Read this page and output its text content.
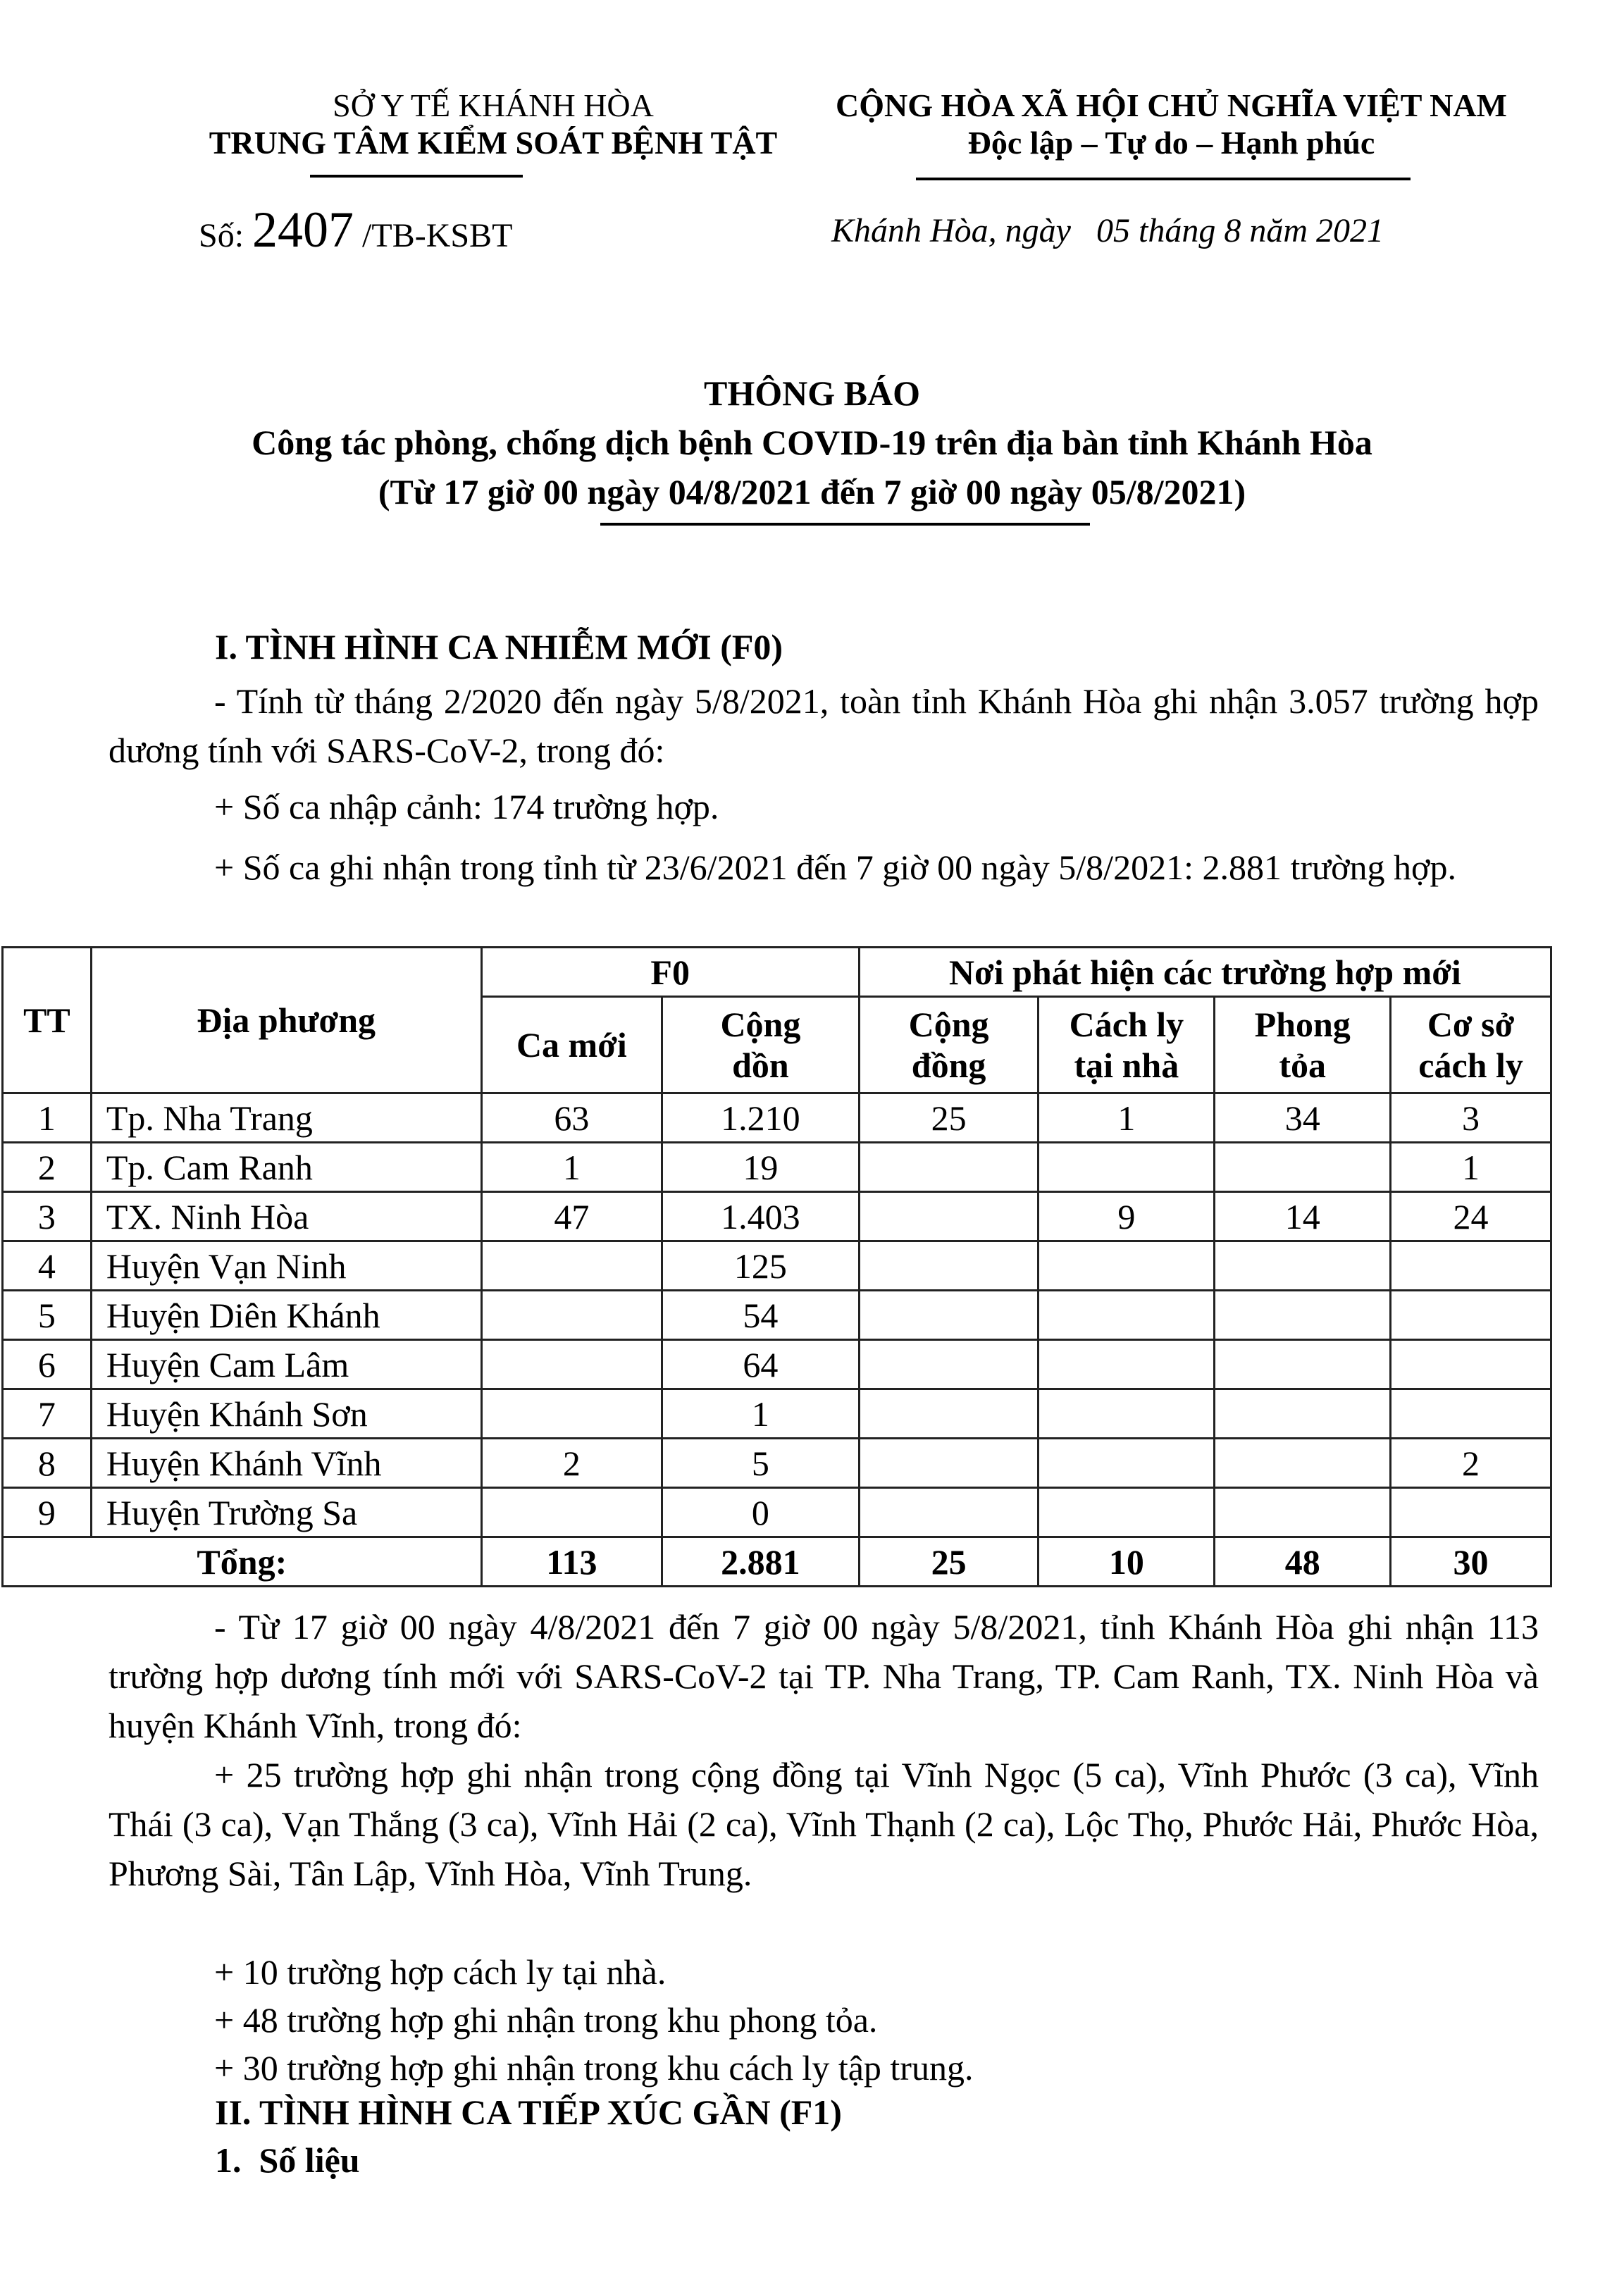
SỞ Y TẾ KHÁNH HÒA
TRUNG TÂM KIỂM SOÁT BỆNH TẬT
Số: 2407 /TB-KSBT
CỘNG HÒA XÃ HỘI CHỦ NGHĨA VIỆT NAM
Độc lập – Tự do – Hạnh phúc
Khánh Hòa, ngày 05 tháng 8 năm 2021
THÔNG BÁO
Công tác phòng, chống dịch bệnh COVID-19 trên địa bàn tỉnh Khánh Hòa
(Từ 17 giờ 00 ngày 04/8/2021 đến 7 giờ 00 ngày 05/8/2021)
I. TÌNH HÌNH CA NHIỄM MỚI (F0)
- Tính từ tháng 2/2020 đến ngày 5/8/2021, toàn tỉnh Khánh Hòa ghi nhận 3.057 trường hợp dương tính với SARS-CoV-2, trong đó:
+ Số ca nhập cảnh: 174 trường hợp.
+ Số ca ghi nhận trong tỉnh từ 23/6/2021 đến 7 giờ 00 ngày 5/8/2021: 2.881 trường hợp.
TT	Địa phương	F0		Nơi phát hiện các trường hợp mới			
		Ca mới	Cộng dồn	Cộng đồng	Cách ly tại nhà	Phong tỏa	Cơ sở cách ly
1	Tp. Nha Trang	63	1.210	25	1	34	3
2	Tp. Cam Ranh	1	19				1
3	TX. Ninh Hòa	47	1.403		9	14	24
4	Huyện Vạn Ninh		125				
5	Huyện Diên Khánh		54				
6	Huyện Cam Lâm		64				
7	Huyện Khánh Sơn		1				
8	Huyện Khánh Vĩnh	2	5				2
9	Huyện Trường Sa		0				
Tổng:		113	2.881	25	10	48	30
- Từ 17 giờ 00 ngày 4/8/2021 đến 7 giờ 00 ngày 5/8/2021, tỉnh Khánh Hòa ghi nhận 113 trường hợp dương tính mới với SARS-CoV-2 tại TP. Nha Trang, TP. Cam Ranh, TX. Ninh Hòa và huyện Khánh Vĩnh, trong đó:
+ 25 trường hợp ghi nhận trong cộng đồng tại Vĩnh Ngọc (5 ca), Vĩnh Phước (3 ca), Vĩnh Thái (3 ca), Vạn Thắng (3 ca), Vĩnh Hải (2 ca), Vĩnh Thạnh (2 ca), Lộc Thọ, Phước Hải, Phước Hòa, Phương Sài, Tân Lập, Vĩnh Hòa, Vĩnh Trung.
+ 10 trường hợp cách ly tại nhà.
+ 48 trường hợp ghi nhận trong khu phong tỏa.
+ 30 trường hợp ghi nhận trong khu cách ly tập trung.
II. TÌNH HÌNH CA TIẾP XÚC GẦN (F1)
1.  Số liệu
